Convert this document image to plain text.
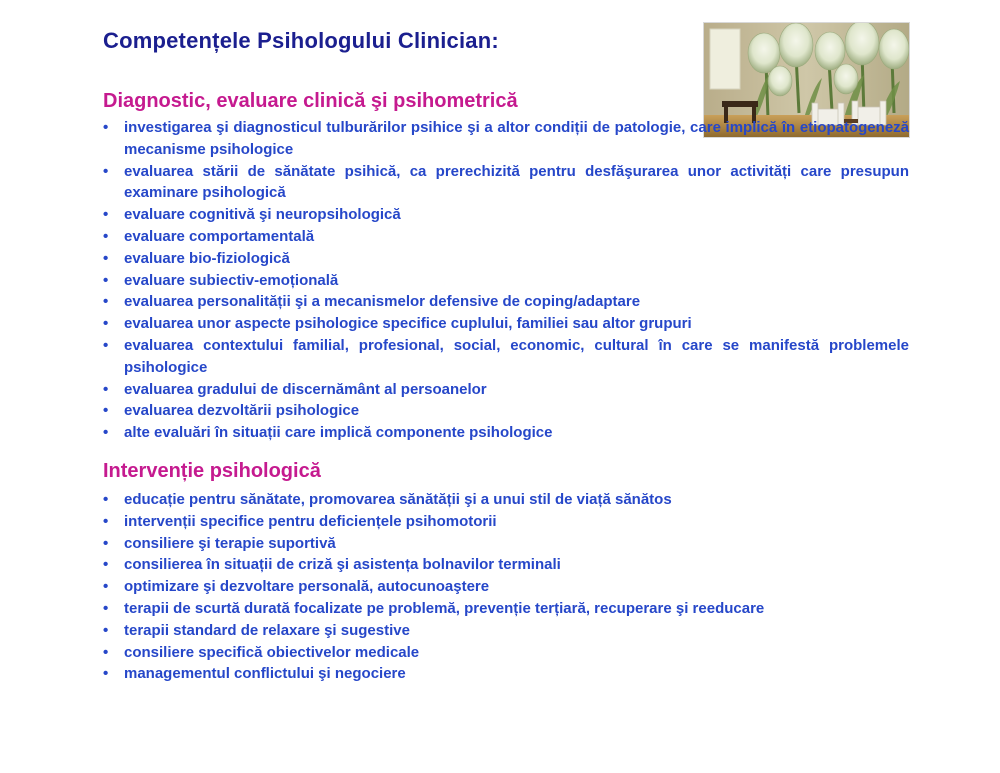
Competențele Psihologului Clinician:
Diagnostic, evaluare clinică şi psihometrică
•	investigarea şi diagnosticul tulburărilor psihice şi a altor condiții de patologie, care implică în etiopatogeneză mecanisme psihologice
•	evaluarea stării de sănătate psihică, ca prerechizită pentru desfăşurarea unor activități care presupun examinare psihologică
•	evaluare cognitivă şi neuropsihologică
•	evaluare comportamentală
•	evaluare bio-fiziologică
•	evaluare subiectiv-emoțională
•	evaluarea personalității şi a mecanismelor defensive de coping/adaptare
•	evaluarea unor aspecte psihologice specifice cuplului, familiei sau altor grupuri
•	evaluarea contextului familial, profesional, social, economic, cultural în care se manifestă problemele psihologice
•	evaluarea gradului de discernământ al persoanelor
•	evaluarea dezvoltării psihologice
•	alte evaluări în situații care implică componente psihologice
Intervenție psihologică
•	educație pentru sănătate, promovarea sănătății şi a unui stil de viață sănătos
•	intervenții specifice pentru deficiențele psihomotorii
•	consiliere şi terapie suportivă
•	consilierea în situații de criză şi asistența bolnavilor terminali
•	optimizare şi dezvoltare personală, autocunoaştere
•	terapii de scurtă durată focalizate pe problemă, prevenție terțiară, recuperare şi reeducare
•	terapii standard de relaxare şi sugestive
•	consiliere specifică obiectivelor medicale
•	managementul conflictului şi negociere
